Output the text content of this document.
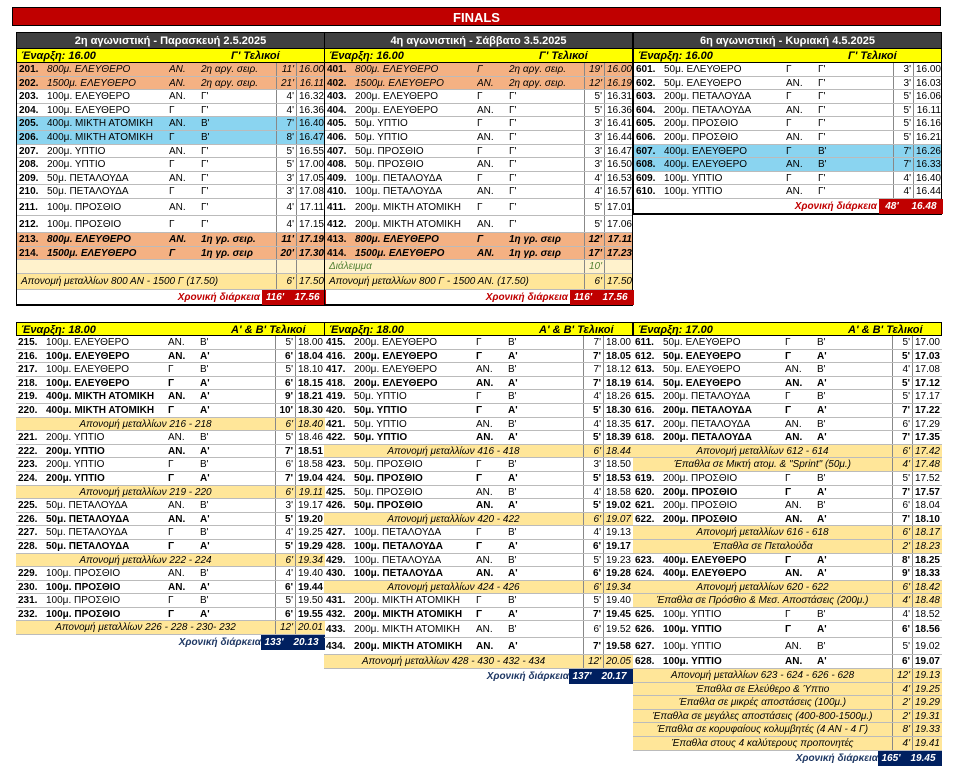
FINALS
2η αγωνιστική - Παρασκευή 2.5.2025
Έναρξη: 16.00	Γ' Τελικοί
201. 800μ. ΕΛΕΥΘΕΡΟ	ΑΝ.	2η αργ. σειρ.	11' 16.00
202. 1500μ. ΕΛΕΥΘΕΡΟ	ΑΝ.	2η αργ. σειρ.	21' 16.11
203. 100μ. ΕΛΕΥΘΕΡΟ	ΑΝ.	Γ'	4' 16.32
204. 100μ. ΕΛΕΥΘΕΡΟ	Γ	Γ'	4' 16.36
205. 400μ. ΜΙΚΤΗ ΑΤΟΜΙΚΗ	ΑΝ.	Β'	7' 16.40
206. 400μ. ΜΙΚΤΗ ΑΤΟΜΙΚΗ	Γ	Β'	8' 16.47
207. 200μ. ΥΠΤΙΟ	ΑΝ.	Γ'	5' 16.55
208. 200μ. ΥΠΤΙΟ	Γ	Γ'	5' 17.00
209. 50μ. ΠΕΤΑΛΟΥΔΑ	ΑΝ.	Γ'	3' 17.05
210. 50μ. ΠΕΤΑΛΟΥΔΑ	Γ	Γ'	3' 17.08
211. 100μ. ΠΡΟΣΘΙΟ	ΑΝ.	Γ'	4' 17.11
212. 100μ. ΠΡΟΣΘΙΟ	Γ	Γ'	4' 17.15
213. 800μ. ΕΛΕΥΘΕΡΟ	ΑΝ.	1η γρ. σειρ.	11' 17.19
214. 1500μ. ΕΛΕΥΘΕΡΟ	Γ	1η γρ. σειρ	20' 17.30
Απονομή μεταλλίων 800 ΑΝ - 1500 Γ (17.50)	6' 17.50
Χρονική διάρκεια 116'	17.56
4η αγωνιστική - Σάββατο 3.5.2025
Έναρξη: 16.00	Γ' Τελικοί
401. 800μ. ΕΛΕΥΘΕΡΟ	Γ	2η αργ. σειρ.	19' 16.00
402. 1500μ. ΕΛΕΥΘΕΡΟ	ΑΝ.	2η αργ. σειρ.	12' 16.19
403. 200μ. ΕΛΕΥΘΕΡΟ	Γ	Γ'	5' 16.31
404. 200μ. ΕΛΕΥΘΕΡΟ	ΑΝ.	Γ'	5' 16.36
405. 50μ. ΥΠΤΙΟ	Γ	Γ'	3' 16.41
406. 50μ. ΥΠΤΙΟ	ΑΝ.	Γ'	3' 16.44
407. 50μ. ΠΡΟΣΘΙΟ	Γ	Γ'	3' 16.47
408. 50μ. ΠΡΟΣΘΙΟ	ΑΝ.	Γ'	3' 16.50
409. 100μ. ΠΕΤΑΛΟΥΔΑ	Γ	Γ'	4' 16.53
410. 100μ. ΠΕΤΑΛΟΥΔΑ	ΑΝ.	Γ'	4' 16.57
411. 200μ. ΜΙΚΤΗ ΑΤΟΜΙΚΗ	Γ	Γ'	5' 17.01
412. 200μ. ΜΙΚΤΗ ΑΤΟΜΙΚΗ	ΑΝ.	Γ'	5' 17.06
413. 800μ. ΕΛΕΥΘΕΡΟ	Γ	1η γρ. σειρ	12' 17.11
414. 1500μ. ΕΛΕΥΘΕΡΟ	ΑΝ.	1η γρ. σειρ	17' 17.23
Διάλειμμα	10'
Απονομή μεταλλίων 800 Γ - 1500 ΑΝ. (17.50)	6' 17.50
Χρονική διάρκεια 116'	17.56
6η αγωνιστική - Κυριακή 4.5.2025
Έναρξη: 16.00	Γ' Τελικοί
601. 50μ. ΕΛΕΥΘΕΡΟ	Γ	Γ'	3' 16.00
602. 50μ. ΕΛΕΥΘΕΡΟ	ΑΝ.	Γ'	3' 16.03
603. 200μ. ΠΕΤΑΛΟΥΔΑ	Γ	Γ'	5' 16.06
604. 200μ. ΠΕΤΑΛΟΥΔΑ	ΑΝ.	Γ'	5' 16.11
605. 200μ. ΠΡΟΣΘΙΟ	Γ	Γ'	5' 16.16
606. 200μ. ΠΡΟΣΘΙΟ	ΑΝ.	Γ'	5' 16.21
607. 400μ. ΕΛΕΥΘΕΡΟ	Γ	Β'	7' 16.26
608. 400μ. ΕΛΕΥΘΕΡΟ	ΑΝ.	Β'	7' 16.33
609. 100μ. ΥΠΤΙΟ	Γ	Γ'	4' 16.40
610. 100μ. ΥΠΤΙΟ	ΑΝ.	Γ'	4' 16.44
Χρονική διάρκεια 48'	16.48
Έναρξη: 18.00	Α' & Β' Τελικοί
215. 100μ. ΕΛΕΥΘΕΡΟ	ΑΝ.	Β'	5' 18.00
216. 100μ. ΕΛΕΥΘΕΡΟ	ΑΝ.	Α'	6' 18.04
217. 100μ. ΕΛΕΥΘΕΡΟ	Γ	Β'	5' 18.10
218. 100μ. ΕΛΕΥΘΕΡΟ	Γ	Α'	6' 18.15
219. 400μ. ΜΙΚΤΗ ΑΤΟΜΙΚΗ	ΑΝ.	Α'	9' 18.21
220. 400μ. ΜΙΚΤΗ ΑΤΟΜΙΚΗ	Γ	Α'	10' 18.30
Απονομή μεταλλίων 216 - 218	6' 18.40
221. 200μ. ΥΠΤΙΟ	ΑΝ.	Β'	5' 18.46
222. 200μ. ΥΠΤΙΟ	ΑΝ.	Α'	7' 18.51
223. 200μ. ΥΠΤΙΟ	Γ	Β'	6' 18.58
224. 200μ. ΥΠΤΙΟ	Γ	Α'	7' 19.04
Απονομή μεταλλίων 219 - 220	6' 19.11
225. 50μ. ΠΕΤΑΛΟΥΔΑ	ΑΝ.	Β'	3' 19.17
226. 50μ. ΠΕΤΑΛΟΥΔΑ	ΑΝ.	Α'	5' 19.20
227. 50μ. ΠΕΤΑΛΟΥΔΑ	Γ	Β'	4' 19.25
228. 50μ. ΠΕΤΑΛΟΥΔΑ	Γ	Α'	5' 19.29
Απονομή μεταλλίων 222 - 224	6' 19.34
229. 100μ. ΠΡΟΣΘΙΟ	ΑΝ.	Β'	4' 19.40
230. 100μ. ΠΡΟΣΘΙΟ	ΑΝ.	Α'	6' 19.44
231. 100μ. ΠΡΟΣΘΙΟ	Γ	Β'	5' 19.50
232. 100μ. ΠΡΟΣΘΙΟ	Γ	Α'	6' 19.55
Απονομή μεταλλίων 226 - 228 - 230- 232	12' 20.01
Χρονική διάρκεια 133' 20.13
Έναρξη: 18.00	Α' & Β' Τελικοί
415. 200μ. ΕΛΕΥΘΕΡΟ	Γ	Β'	7' 18.00
416. 200μ. ΕΛΕΥΘΕΡΟ	Γ	Α'	7' 18.05
417. 200μ. ΕΛΕΥΘΕΡΟ	ΑΝ.	Β'	7' 18.12
418. 200μ. ΕΛΕΥΘΕΡΟ	ΑΝ.	Α'	7' 18.19
419. 50μ. ΥΠΤΙΟ	Γ	Β'	4' 18.26
420. 50μ. ΥΠΤΙΟ	Γ	Α'	5' 18.30
421. 50μ. ΥΠΤΙΟ	ΑΝ.	Β'	4' 18.35
422. 50μ. ΥΠΤΙΟ	ΑΝ.	Α'	5' 18.39
Απονομή μεταλλίων 416 - 418	6' 18.44
423. 50μ. ΠΡΟΣΘΙΟ	Γ	Β'	3' 18.50
424. 50μ. ΠΡΟΣΘΙΟ	Γ	Α'	5' 18.53
425. 50μ. ΠΡΟΣΘΙΟ	ΑΝ.	Β'	4' 18.58
426. 50μ. ΠΡΟΣΘΙΟ	ΑΝ.	Α'	5' 19.02
Απονομή μεταλλίων 420 - 422	6' 19.07
427. 100μ. ΠΕΤΑΛΟΥΔΑ	Γ	Β'	4' 19.13
428. 100μ. ΠΕΤΑΛΟΥΔΑ	Γ	Α'	6' 19.17
429. 100μ. ΠΕΤΑΛΟΥΔΑ	ΑΝ.	Β'	5' 19.23
430. 100μ. ΠΕΤΑΛΟΥΔΑ	ΑΝ.	Α'	6' 19.28
Απονομή μεταλλίων 424 - 426	6' 19.34
431. 200μ. ΜΙΚΤΗ ΑΤΟΜΙΚΗ	Γ	Β'	5' 19.40
432. 200μ. ΜΙΚΤΗ ΑΤΟΜΙΚΗ	Γ	Α'	7' 19.45
433. 200μ. ΜΙΚΤΗ ΑΤΟΜΙΚΗ	ΑΝ.	Β'	6' 19.52
434. 200μ. ΜΙΚΤΗ ΑΤΟΜΙΚΗ	ΑΝ.	Α'	7' 19.58
Απονομή μεταλλίων 428 - 430 - 432 - 434	12' 20.05
Χρονική διάρκεια 137' 20.17
Έναρξη: 17.00	Α' & Β' Τελικοί
611. 50μ. ΕΛΕΥΘΕΡΟ	Γ	Β'	5' 17.00
612. 50μ. ΕΛΕΥΘΕΡΟ	Γ	Α'	5' 17.03
613. 50μ. ΕΛΕΥΘΕΡΟ	ΑΝ.	Β'	4' 17.08
614. 50μ. ΕΛΕΥΘΕΡΟ	ΑΝ.	Α'	5' 17.12
615. 200μ. ΠΕΤΑΛΟΥΔΑ	Γ	Β'	5' 17.17
616. 200μ. ΠΕΤΑΛΟΥΔΑ	Γ	Α'	7' 17.22
617. 200μ. ΠΕΤΑΛΟΥΔΑ	ΑΝ.	Β'	6' 17.29
618. 200μ. ΠΕΤΑΛΟΥΔΑ	ΑΝ.	Α'	7' 17.35
Απονομή μεταλλίων 612 - 614	6' 17.42
Έπαθλα σε Μικτή ατομ. & "Sprint" (50μ.)	4' 17.48
619. 200μ. ΠΡΟΣΘΙΟ	Γ	Β'	5' 17.52
620. 200μ. ΠΡΟΣΘΙΟ	Γ	Α'	7' 17.57
621. 200μ. ΠΡΟΣΘΙΟ	ΑΝ.	Β'	6' 18.04
622. 200μ. ΠΡΟΣΘΙΟ	ΑΝ.	Α'	7' 18.10
Απονομή μεταλλίων 616 - 618	6' 18.17
Έπαθλα σε Πεταλούδα	2' 18.23
623. 400μ. ΕΛΕΥΘΕΡΟ	Γ	Α'	8' 18.25
624. 400μ. ΕΛΕΥΘΕΡΟ	ΑΝ.	Α'	9' 18.33
Απονομή μεταλλίων 620 - 622	6' 18.42
Έπαθλα σε Πρόσθιο & Μεσ. Αποστάσεις (200μ.)	4' 18.48
625. 100μ. ΥΠΤΙΟ	Γ	Β'	4' 18.52
626. 100μ. ΥΠΤΙΟ	Γ	Α'	6' 18.56
627. 100μ. ΥΠΤΙΟ	ΑΝ.	Β'	5' 19.02
628. 100μ. ΥΠΤΙΟ	ΑΝ.	Α'	6' 19.07
Απονομή μεταλλίων 623 - 624 - 626 - 628	12' 19.13
Έπαθλα σε Ελεύθερο & Ύπτιο	4' 19.25
Έπαθλα σε μικρές αποστάσεις (100μ.)	2' 19.29
Έπαθλα σε μεγάλες αποστάσεις (400-800-1500μ.)	2' 19.31
Έπαθλα σε κορυφαίους κολυμβητές (4 ΑΝ - 4 Γ)	8' 19.33
Έπαθλα στους 4 καλύτερους προπονητές	4' 19.41
Χρονική διάρκεια 165' 19.45
